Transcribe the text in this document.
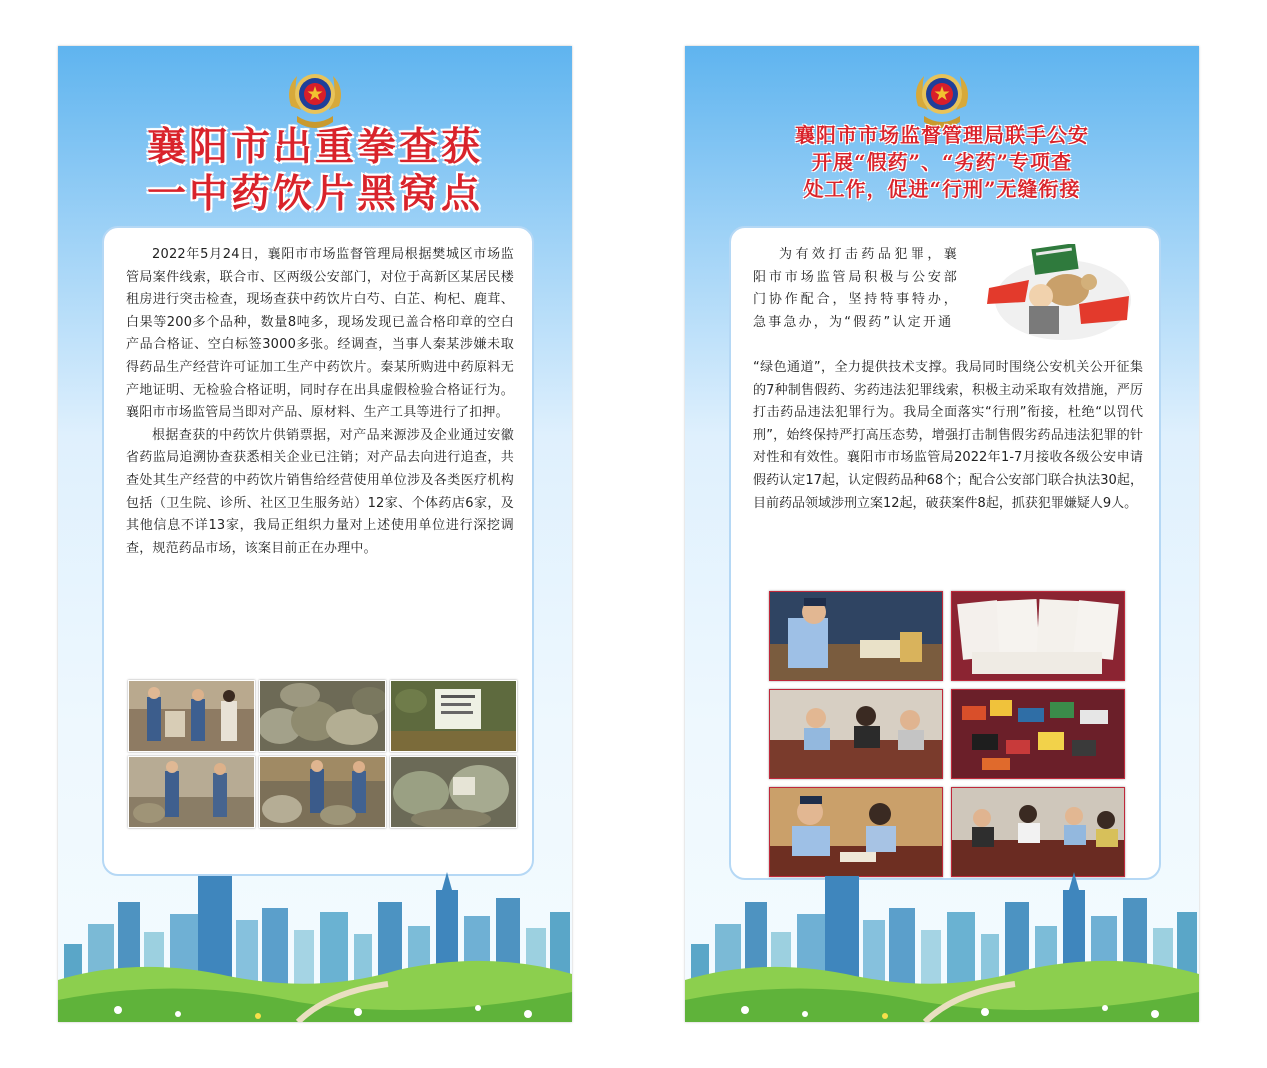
襄阳市出重拳查获
一中药饮片黑窝点

2022年5月24日，襄阳市市场监督管理局根据樊城区市场监管局案件线索，联合市、区两级公安部门，对位于高新区某居民楼租房进行突击检查，现场查获中药饮片白芍、白芷、枸杞、鹿茸、白果等200多个品种，数量8吨多，现场发现已盖合格印章的空白产品合格证、空白标签3000多张。经调查，当事人秦某涉嫌未取得药品生产经营许可证加工生产中药饮片。秦某所购进中药原料无产地证明、无检验合格证明，同时存在出具虚假检验合格证行为。襄阳市市场监管局当即对产品、原材料、生产工具等进行了扣押。

根据查获的中药饮片供销票据，对产品来源涉及企业通过安徽省药监局追溯协查获悉相关企业已注销；对产品去向进行追查，共查处其生产经营的中药饮片销售给经营使用单位涉及各类医疗机构包括（卫生院、诊所、社区卫生服务站）12家、个体药店6家，及其他信息不详13家，我局正组织力量对上述使用单位进行深挖调查，规范药品市场，该案目前正在办理中。

襄阳市市场监督管理局联手公安
开展“假药”、“劣药”专项查
处工作，促进“行刑”无缝衔接

为有效打击药品犯罪，襄阳市市场监管局积极与公安部门协作配合，坚持特事特办，急事急办，为“假药”认定开通

“绿色通道”，全力提供技术支撑。我局同时围绕公安机关公开征集的7种制售假药、劣药违法犯罪线索，积极主动采取有效措施，严厉打击药品违法犯罪行为。我局全面落实“行刑”衔接，杜绝“以罚代刑”，始终保持严打高压态势，增强打击制售假劣药品违法犯罪的针对性和有效性。襄阳市市场监管局2022年1-7月接收各级公安申请假药认定17起，认定假药品种68个；配合公安部门联合执法30起，目前药品领域涉刑立案12起，破获案件8起，抓获犯罪嫌疑人9人。
